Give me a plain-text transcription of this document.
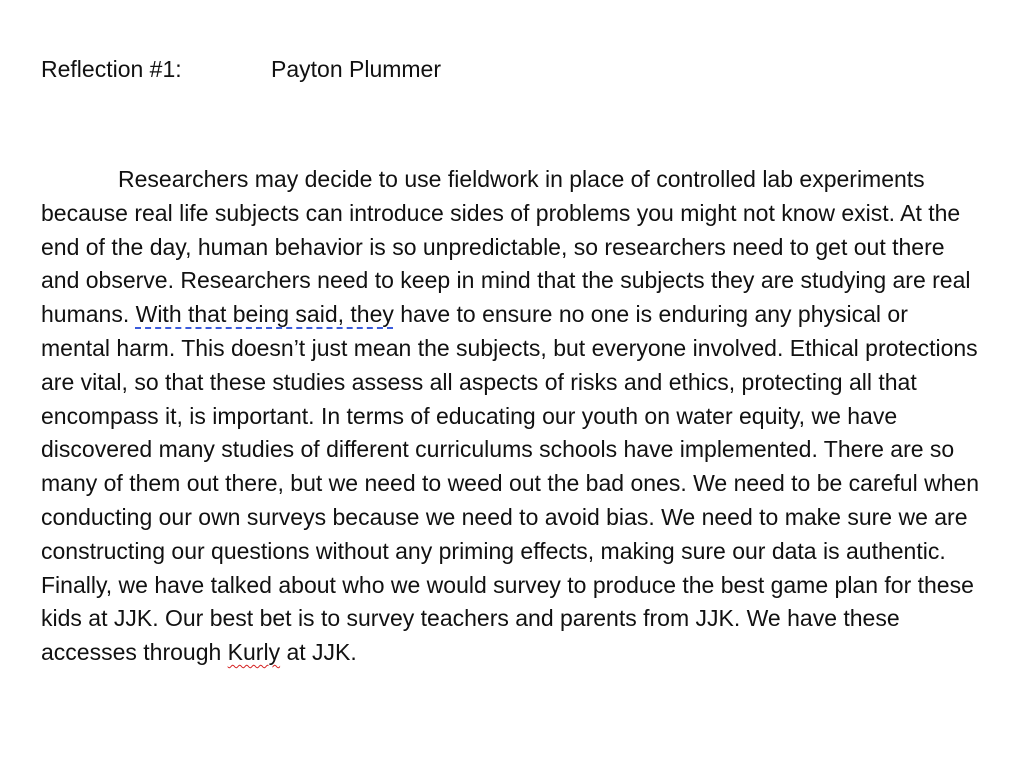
Reflection #1:	Payton Plummer

Researchers may decide to use fieldwork in place of controlled lab experiments because real life subjects can introduce sides of problems you might not know exist. At the end of the day, human behavior is so unpredictable, so researchers need to get out there and observe. Researchers need to keep in mind that the subjects they are studying are real humans. With that being said, they have to ensure no one is enduring any physical or mental harm. This doesn’t just mean the subjects, but everyone involved. Ethical protections are vital, so that these studies assess all aspects of risks and ethics, protecting all that encompass it, is important. In terms of educating our youth on water equity, we have discovered many studies of different curriculums schools have implemented. There are so many of them out there, but we need to weed out the bad ones. We need to be careful when conducting our own surveys because we need to avoid bias. We need to make sure we are constructing our questions without any priming effects, making sure our data is authentic. Finally, we have talked about who we would survey to produce the best game plan for these kids at JJK. Our best bet is to survey teachers and parents from JJK. We have these accesses through Kurly at JJK.
